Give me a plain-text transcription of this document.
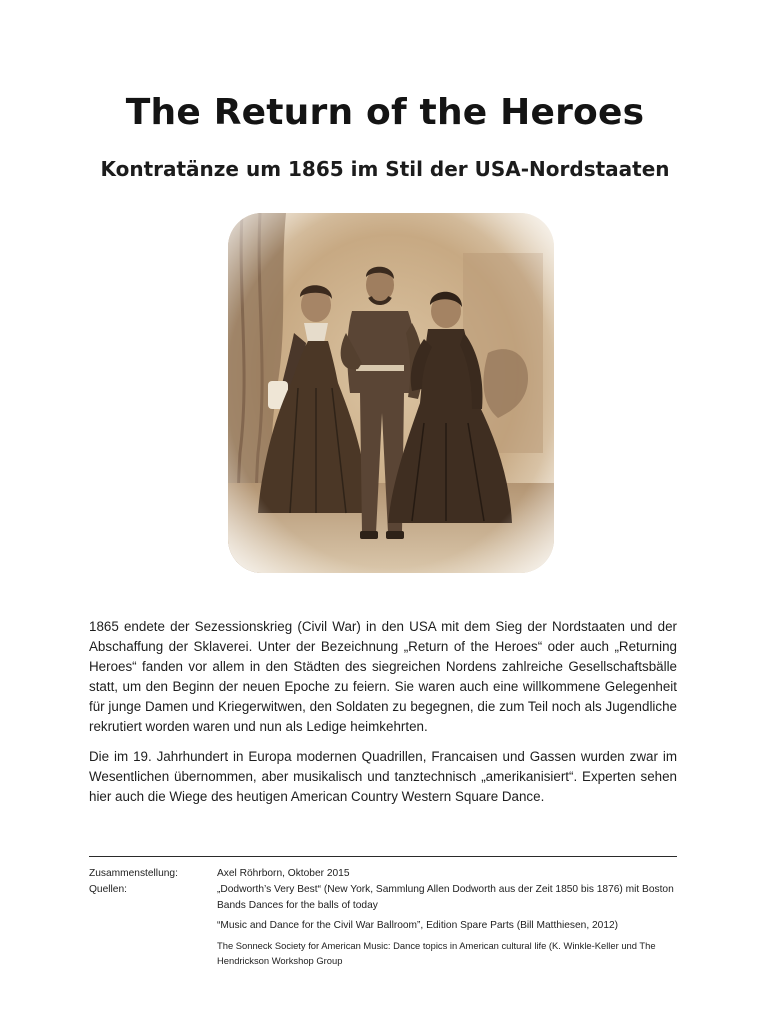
The Return of the Heroes
Kontratänze um 1865 im Stil der USA-Nordstaaten

1865 endete der Sezessionskrieg (Civil War) in den USA mit dem Sieg der Nordstaaten und der Abschaffung der Sklaverei. Unter der Bezeichnung „Return of the Heroes“ oder auch „Returning Heroes“ fanden vor allem in den Städten des siegreichen Nordens zahlreiche Gesellschaftsbälle statt, um den Beginn der neuen Epoche zu feiern. Sie waren auch eine willkommene Gelegenheit für junge Damen und Kriegerwitwen, den Soldaten zu begegnen, die zum Teil noch als Jugendliche rekrutiert worden waren und nun als Ledige heimkehrten.

Die im 19. Jahrhundert in Europa modernen Quadrillen, Francaisen und Gassen wurden zwar im Wesentlichen übernommen, aber musikalisch und tanztechnisch „amerikanisiert“. Experten sehen hier auch die Wiege des heutigen American Country Western Square Dance.

Zusammenstellung:	Axel Röhrborn, Oktober 2015
Quellen:	„Dodworth’s Very Best“ (New York, Sammlung Allen Dodworth aus der Zeit 1850 bis 1876) mit Boston Bands Dances for the balls of today
“Music and Dance for the Civil War Ballroom”, Edition Spare Parts (Bill Matthiesen, 2012)
The Sonneck Society for American Music: Dance topics in American cultural life (K. Winkle-Keller und The Hendrickson Workshop Group
